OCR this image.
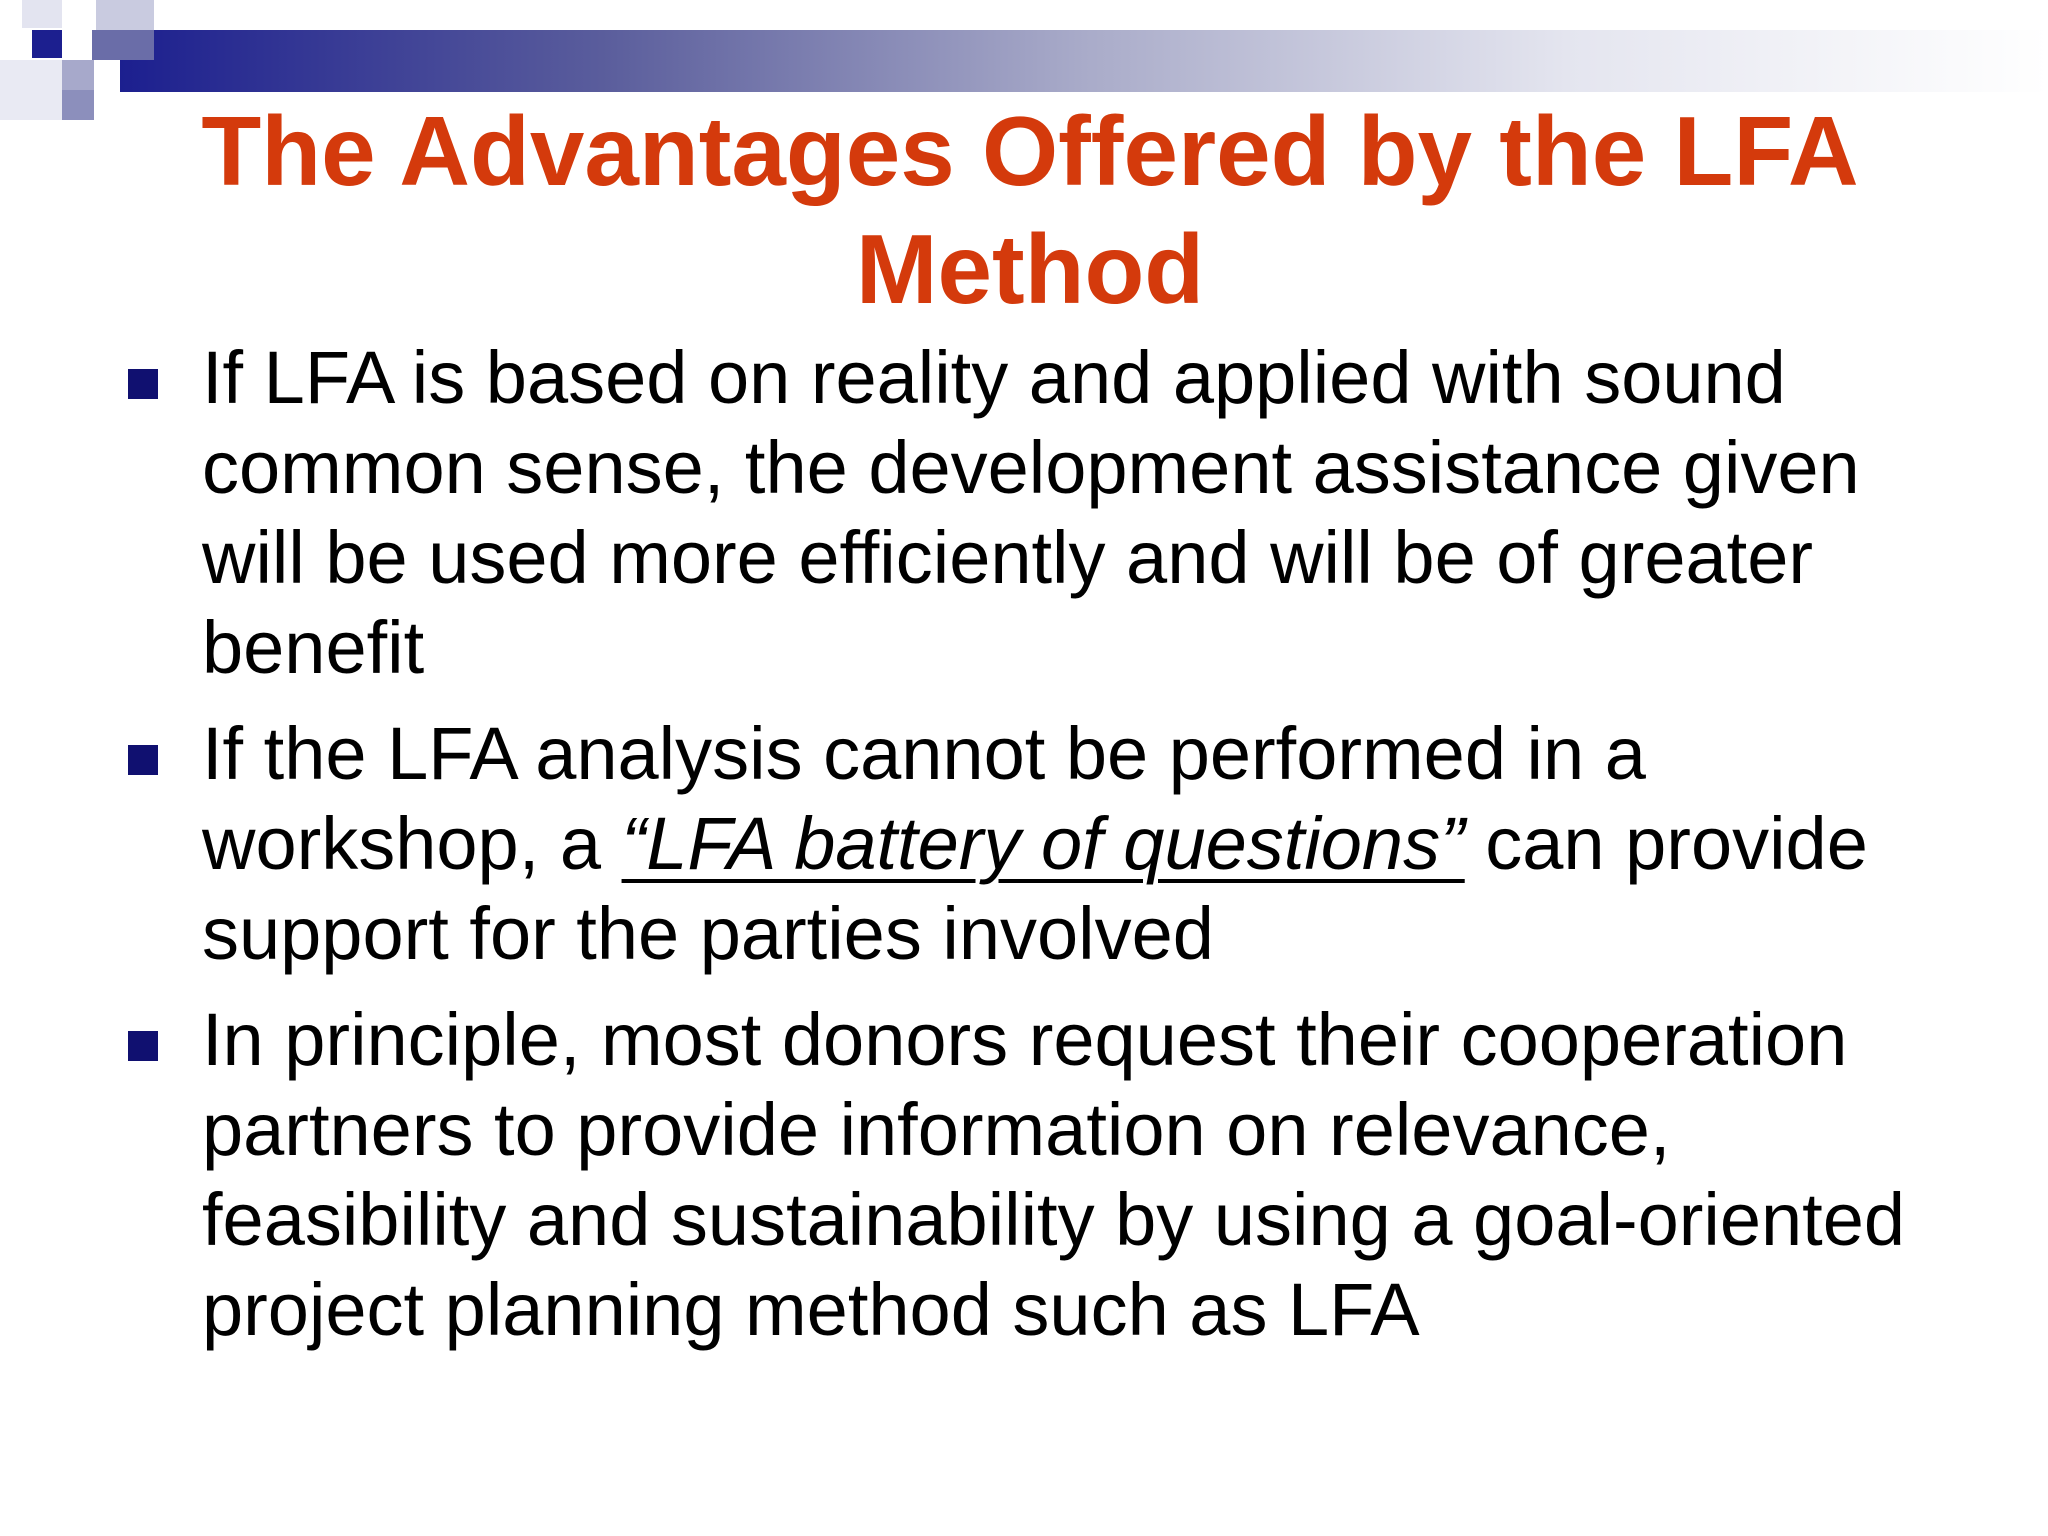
The Advantages Offered by the LFA Method
If LFA is based on reality and applied with sound common sense, the development assistance given will be used more efficiently and will be of greater benefit
If the LFA analysis cannot be performed in a workshop, a “LFA battery of questions” can provide support for the parties involved
In principle, most donors request their cooperation partners to provide information on relevance, feasibility and sustainability by using a goal-oriented project planning method such as LFA
